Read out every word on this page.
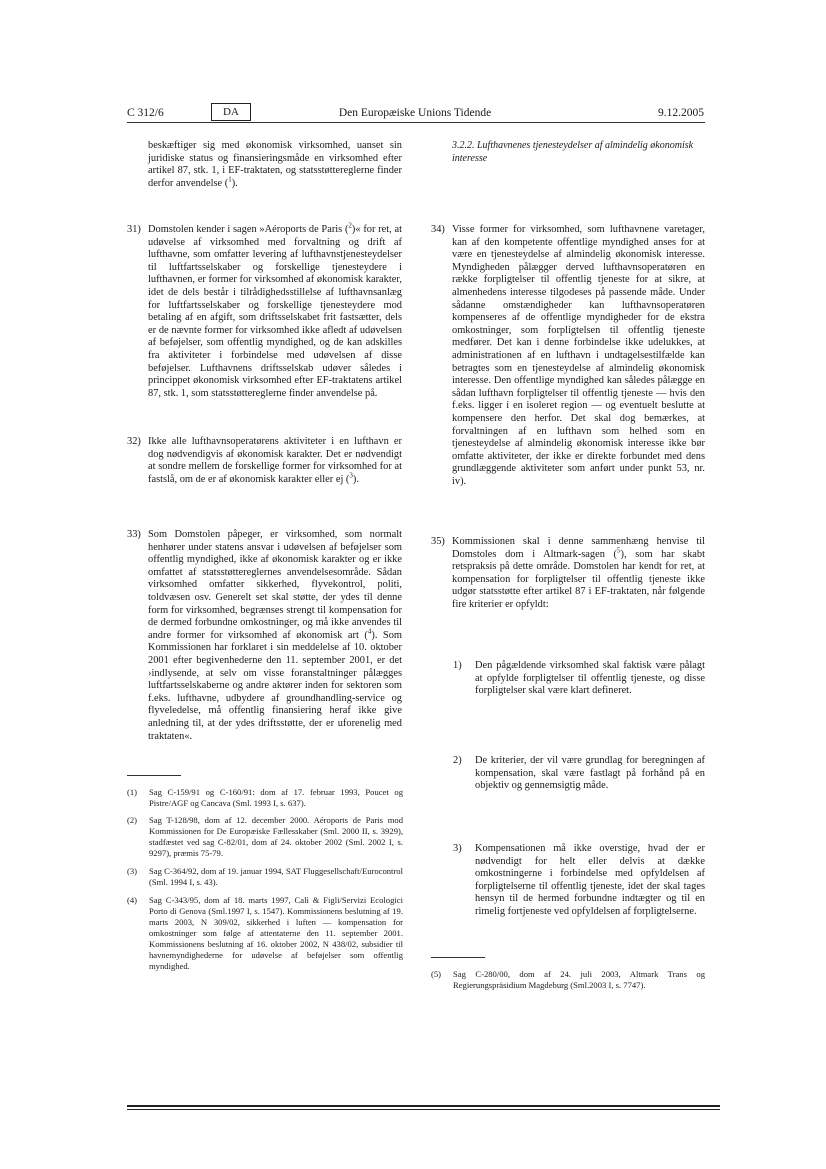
C 312/6	DA	Den Europæiske Unions Tidende	9.12.2005
beskæftiger sig med økonomisk virksomhed, uanset sin juridiske status og finansieringsmåde en virksomhed efter artikel 87, stk. 1, i EF-traktaten, og statsstøttereglerne finder derfor anvendelse ($^1$).
31) Domstolen kender i sagen »Aéroports de Paris ($^2$)« for ret, at udøvelse af virksomhed med forvaltning og drift af lufthavne, som omfatter levering af lufthavnstjenesteydelser til luftfartsselskaber og forskellige tjenesteydere i lufthavnen, er former for virksomhed af økonomisk karakter, idet de dels består i tilrådighedsstillelse af lufthavnsanlæg for luftfartsselskaber og forskellige tjenesteydere mod betaling af en afgift, som driftsselskabet frit fastsætter, dels er de nævnte former for virksomhed ikke afledt af udøvelsen af beføjelser, som offentlig myndighed, og de kan adskilles fra aktiviteter i forbindelse med udøvelsen af disse beføjelser. Lufthavnens driftsselskab udøver således i princippet økonomisk virksomhed efter EF-traktatens artikel 87, stk. 1, som statsstøttereglerne finder anvendelse på.
32) Ikke alle lufthavnsoperatørens aktiviteter i en lufthavn er dog nødvendigvis af økonomisk karakter. Det er nødvendigt at sondre mellem de forskellige former for virksomhed for at fastslå, om de er af økonomisk karakter eller ej ($^3$).
33) Som Domstolen påpeger, er virksomhed, som normalt henhører under statens ansvar i udøvelsen af beføjelser som offentlig myndighed, ikke af økonomisk karakter og er ikke omfattet af statsstøttereglernes anvendelsesområde. Sådan virksomhed omfatter sikkerhed, flyvekontrol, politi, toldvæsen osv. Generelt set skal støtte, der ydes til denne form for virksomhed, begrænses strengt til kompensation for de dermed forbundne omkostninger, og må ikke anvendes til andre former for virksomhed af økonomisk art ($^4$). Som Kommissionen har forklaret i sin meddelelse af 10. oktober 2001 efter begivenhederne den 11. september 2001, er det ›indlysende, at selv om visse foranstaltninger pålægges luftfartsselskaberne og andre aktører inden for sektoren som f.eks. lufthavne, udbydere af groundhandling-service og flyveledelse, må offentlig finansiering heraf ikke give anledning til, at der ydes driftsstøtte, der er uforenelig med traktaten«.
(1) Sag C-159/91 og C-160/91: dom af 17. februar 1993, Poucet og Pistre/AGF og Cancava (Sml. 1993 I, s. 637).
(2) Sag T-128/98, dom af 12. december 2000. Aéroports de Paris mod Kommissionen for De Europæiske Fællesskaber (Sml. 2000 II, s. 3929), stadfæstet ved sag C-82/01, dom af 24. oktober 2002 (Sml. 2002 I, s. 9297), præmis 75-79.
(3) Sag C-364/92, dom af 19. januar 1994, SAT Fluggesellschaft/Eurocontrol (Sml. 1994 I, s. 43).
(4) Sag C-343/95, dom af 18. marts 1997, Calì & Figli/Servizi Ecologici Porto di Genova (Sml.1997 I, s. 1547). Kommissionens beslutning af 19. marts 2003, N 309/02, sikkerhed i luften — kompensation for omkostninger som følge af attentaterne den 11. september 2001. Kommissionens beslutning af 16. oktober 2002, N 438/02, subsidier til havnemyndighederne for udøvelse af beføjelser som offentlig myndighed.
3.2.2. Lufthavnenes tjenesteydelser af almindelig økonomisk interesse
34) Visse former for virksomhed, som lufthavnene varetager, kan af den kompetente offentlige myndighed anses for at være en tjenesteydelse af almindelig økonomisk interesse. Myndigheden pålægger derved lufthavnsoperatøren en række forpligtelser til offentlig tjeneste for at sikre, at almenhedens interesse tilgodeses på passende måde. Under sådanne omstændigheder kan lufthavnsoperatøren kompenseres af de offentlige myndigheder for de ekstra omkostninger, som forpligtelsen til offentlig tjeneste medfører. Det kan i denne forbindelse ikke udelukkes, at administrationen af en lufthavn i undtagelsestilfælde kan betragtes som en tjenesteydelse af almindelig økonomisk interesse. Den offentlige myndighed kan således pålægge en sådan lufthavn forpligtelser til offentlig tjeneste — hvis den f.eks. ligger i en isoleret region — og eventuelt beslutte at kompensere den herfor. Det skal dog bemærkes, at forvaltningen af en lufthavn som helhed som en tjenesteydelse af almindelig økonomisk interesse ikke bør omfatte aktiviteter, der ikke er direkte forbundet med dens grundlæggende aktiviteter som anført under punkt 53, nr. iv).
35) Kommissionen skal i denne sammenhæng henvise til Domstoles dom i Altmark-sagen ($^5$), som har skabt retspraksis på dette område. Domstolen har kendt for ret, at kompensation for forpligtelser til offentlig tjeneste ikke udgør statsstøtte efter artikel 87 i EF-traktaten, når følgende fire kriterier er opfyldt:
1) Den pågældende virksomhed skal faktisk være pålagt at opfylde forpligtelser til offentlig tjeneste, og disse forpligtelser skal være klart defineret.
2) De kriterier, der vil være grundlag for beregningen af kompensation, skal være fastlagt på forhånd på en objektiv og gennemsigtig måde.
3) Kompensationen må ikke overstige, hvad der er nødvendigt for helt eller delvis at dække omkostningerne i forbindelse med opfyldelsen af forpligtelserne til offentlig tjeneste, idet der skal tages hensyn til de hermed forbundne indtægter og til en rimelig fortjeneste ved opfyldelsen af forpligtelserne.
(5) Sag C-280/00, dom af 24. juli 2003, Altmark Trans og Regierungspräsidium Magdeburg (Sml.2003 I, s. 7747).
